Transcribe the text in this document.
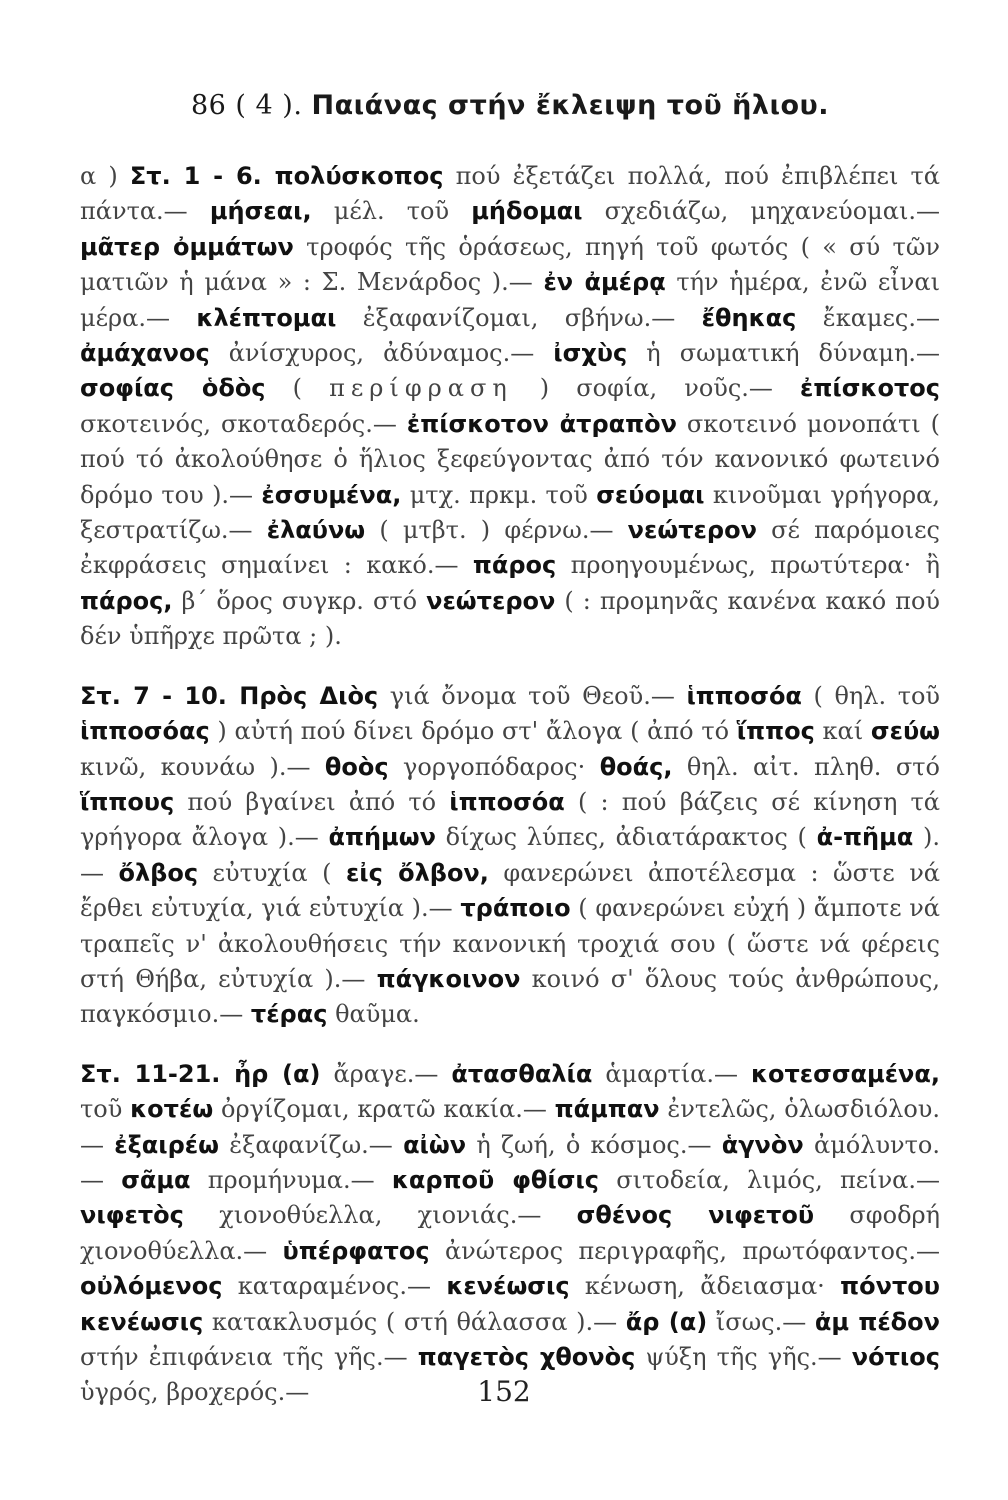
86 ( 4 ). Παιάνας στήν ἔκλειψη τοῦ ἥλιου.
α ) Στ. 1 - 6. πολύσκοπος πού ἐξετάζει πολλά, πού ἐπιβλέπει τά πάντα.— μήσεαι, μέλ. τοῦ μήδομαι σχεδιάζω, μηχανεύομαι.— μᾶτερ ὀμμάτων τροφός τῆς ὁράσεως, πηγή τοῦ φωτός ( « σύ τῶν ματιῶν ἡ μάνα » : Σ. Μενάρδος ).— ἐν ἀμέρᾳ τήν ἡμέρα, ἐνῶ εἶναι μέρα.— κλέπτομαι ἐξαφανίζομαι, σβήνω.— ἔθηκας ἔκαμες.— ἀμάχανος ἀνίσχυρος, ἀδύναμος.— ἰσχὺς ἡ σωματική δύναμη.— σοφίας ὁδὸς ( περίφραση ) σοφία, νοῦς.— ἐπίσκοτος σκοτεινός, σκοταδερός.— ἐπίσκοτον ἀτραπὸν σκοτεινό μονοπάτι ( πού τό ἀκολούθησε ὁ ἥλιος ξεφεύγοντας ἀπό τόν κανονικό φωτεινό δρόμο του ).— ἐσσυμένα, μτχ. πρκμ. τοῦ σεύομαι κινοῦμαι γρήγορα, ξεστρατίζω.— ἐλαύνω ( μτβτ. ) φέρνω.— νεώτερον σέ παρόμοιες ἐκφράσεις σημαίνει : κακό.— πάρος προηγουμένως, πρωτύτερα· ἢ πάρος, β΄ ὅρος συγκρ. στό νεώτερον ( : προμηνᾶς κανένα κακό πού δέν ὑπῆρχε πρῶτα ; ).
Στ. 7 - 10. Πρὸς Διὸς γιά ὄνομα τοῦ Θεοῦ.— ἱπποσόα ( θηλ. τοῦ ἱπποσόας ) αὐτή πού δίνει δρόμο στ' ἄλογα ( ἀπό τό ἵππος καί σεύω κινῶ, κουνάω ).— θοὸς γοργοπόδαρος· θοάς, θηλ. αἰτ. πληθ. στό ἵππους πού βγαίνει ἀπό τό ἱπποσόα ( : πού βάζεις σέ κίνηση τά γρήγορα ἄλογα ).— ἀπήμων δίχως λύπες, ἀδιατάρακτος ( ἀ-πῆμα ).— ὄλβος εὐτυχία ( εἰς ὄλβον, φανερώνει ἀποτέλεσμα : ὥστε νά ἔρθει εὐτυχία, γιά εὐτυχία ).— τράποιο ( φανερώνει εὐχή ) ἄμποτε νά τραπεῖς ν' ἀκολουθήσεις τήν κανονική τροχιά σου ( ὥστε νά φέρεις στή Θήβα, εὐτυχία ).— πάγκοινον κοινό σ' ὅλους τούς ἀνθρώπους, παγκόσμιο.— τέρας θαῦμα.
Στ. 11-21. ἦρ (α) ἄραγε.— ἀτασθαλία ἁμαρτία.— κοτεσσαμένα, τοῦ κοτέω ὀργίζομαι, κρατῶ κακία.— πάμπαν ἐντελῶς, ὁλωσδιόλου.— ἐξαιρέω ἐξαφανίζω.— αἰὼν ἡ ζωή, ὁ κόσμος.— ἁγνὸν ἀμόλυντο.— σᾶμα προμήνυμα.— καρποῦ φθίσις σιτοδεία, λιμός, πείνα.— νιφετὸς χιονοθύελλα, χιονιάς.— σθένος νιφετοῦ σφοδρή χιονοθύελλα.— ὑπέρφατος ἀνώτερος περιγραφῆς, πρωτόφαντος.— οὐλόμενος καταραμένος.— κενέωσις κένωση, ἄδειασμα· πόντου κενέωσις κατακλυσμός ( στή θάλασσα ).— ἄρ (α) ἴσως.— ἀμ πέδον στήν ἐπιφάνεια τῆς γῆς.— παγετὸς χθονὸς ψύξη τῆς γῆς.— νότιος ὑγρός, βροχερός.—	152
